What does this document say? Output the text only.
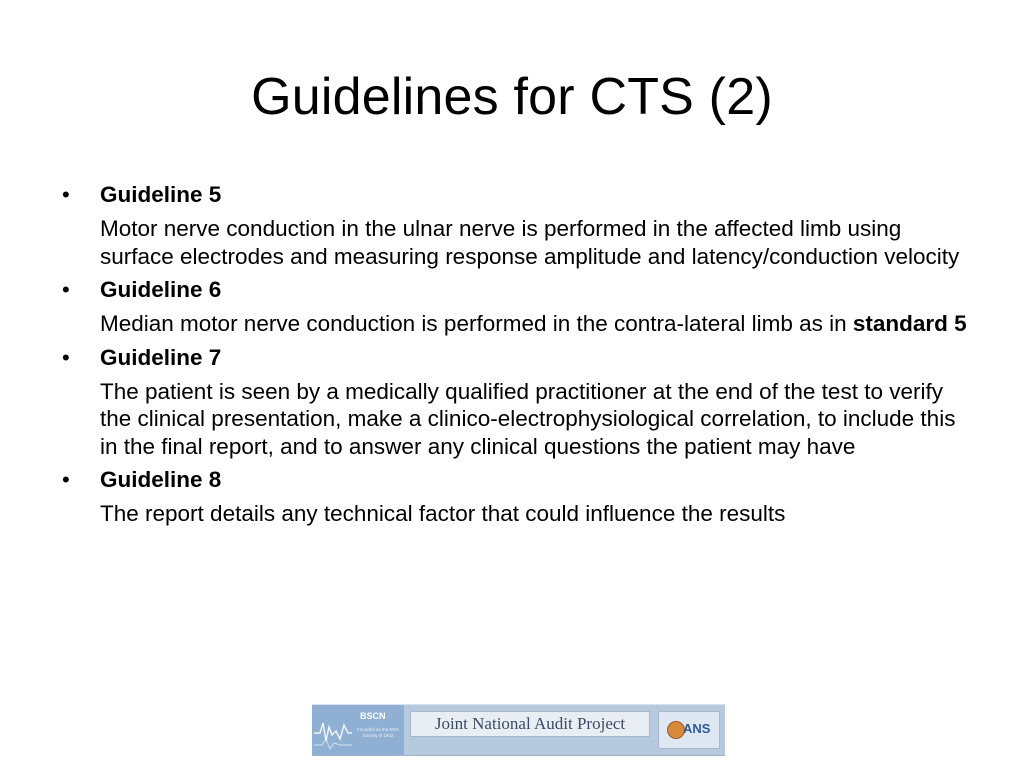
Guidelines for CTS (2)
•	Guideline 5

Motor nerve conduction in the ulnar nerve is performed in the affected limb using surface electrodes and measuring response amplitude and latency/conduction velocity

•	Guideline 6

Median motor nerve conduction is performed in the contra-lateral limb as in standard 5

•	Guideline 7

The patient is seen by a medically qualified practitioner at the end of the test to verify the clinical presentation, make a clinico-electrophysiological correlation, to include this in the final report, and to answer any clinical questions the patient may have

•	Guideline 8

The report details any technical factor that could influence the results

BSCN
Founded as the EEG Society in 1942
Joint National Audit Project	ANS
